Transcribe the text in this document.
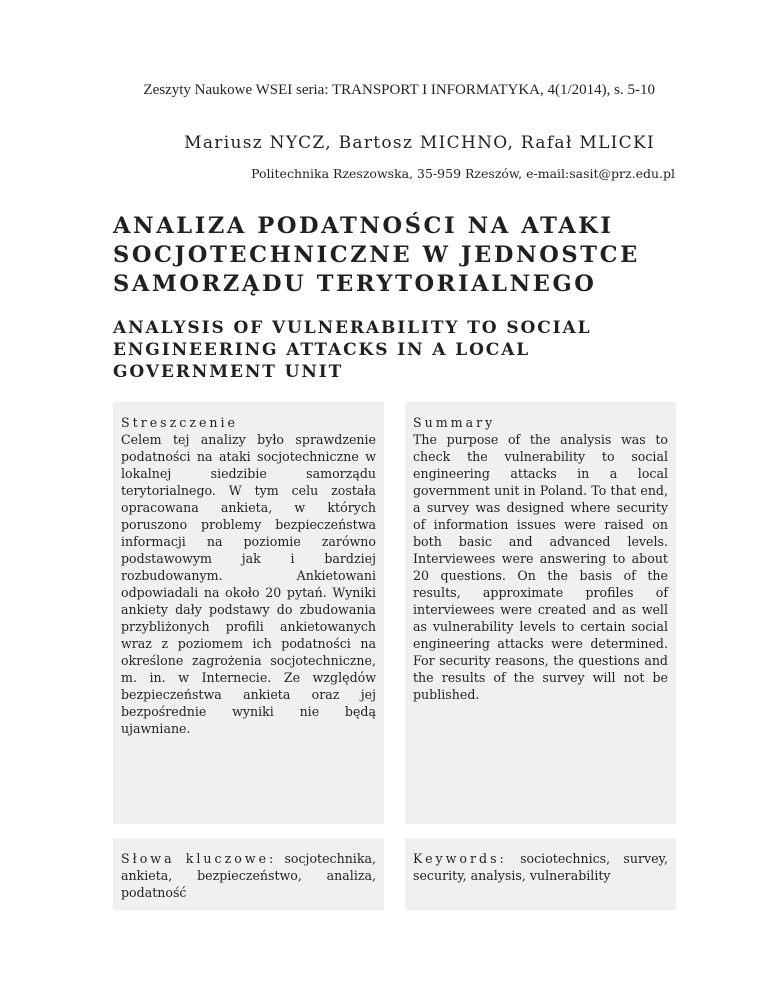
Zeszyty Naukowe WSEI seria: TRANSPORT I INFORMATYKA, 4(1/2014), s. 5-10
Mariusz NYCZ, Bartosz MICHNO, Rafał MLICKI
Politechnika Rzeszowska, 35-959 Rzeszów, e-mail:sasit@prz.edu.pl
ANALIZA PODATNOŚCI NA ATAKI SOCJOTECHNICZNE W JEDNOSTCE SAMORZĄDU TERYTORIALNEGO
ANALYSIS OF VULNERABILITY TO SOCIAL ENGINEERING ATTACKS IN A LOCAL GOVERNMENT UNIT
Streszczenie
Celem tej analizy było sprawdzenie podatności na ataki socjotechniczne w lokalnej siedzibie samorządu terytorialnego. W tym celu została opracowana ankieta, w których poruszono problemy bezpieczeństwa informacji na poziomie zarówno podstawowym jak i bardziej rozbudowanym. Ankietowani odpowiadali na około 20 pytań. Wyniki ankiety dały podstawy do zbudowania przybliżonych profili ankietowanych wraz z poziomem ich podatności na określone zagrożenia socjotechniczne, m. in. w Internecie. Ze względów bezpieczeństwa ankieta oraz jej bezpośrednie wyniki nie będą ujawniane.
Summary
The purpose of the analysis was to check the vulnerability to social engineering attacks in a local government unit in Poland. To that end, a survey was designed where security of information issues were raised on both basic and advanced levels. Interviewees were answering to about 20 questions. On the basis of the results, approximate profiles of interviewees were created and as well as vulnerability levels to certain social engineering attacks were determined. For security reasons, the questions and the results of the survey will not be published.
Słowa kluczowe: socjotechnika, ankieta, bezpieczeństwo, analiza, podatność
Keywords: sociotechnics, survey, security, analysis, vulnerability
